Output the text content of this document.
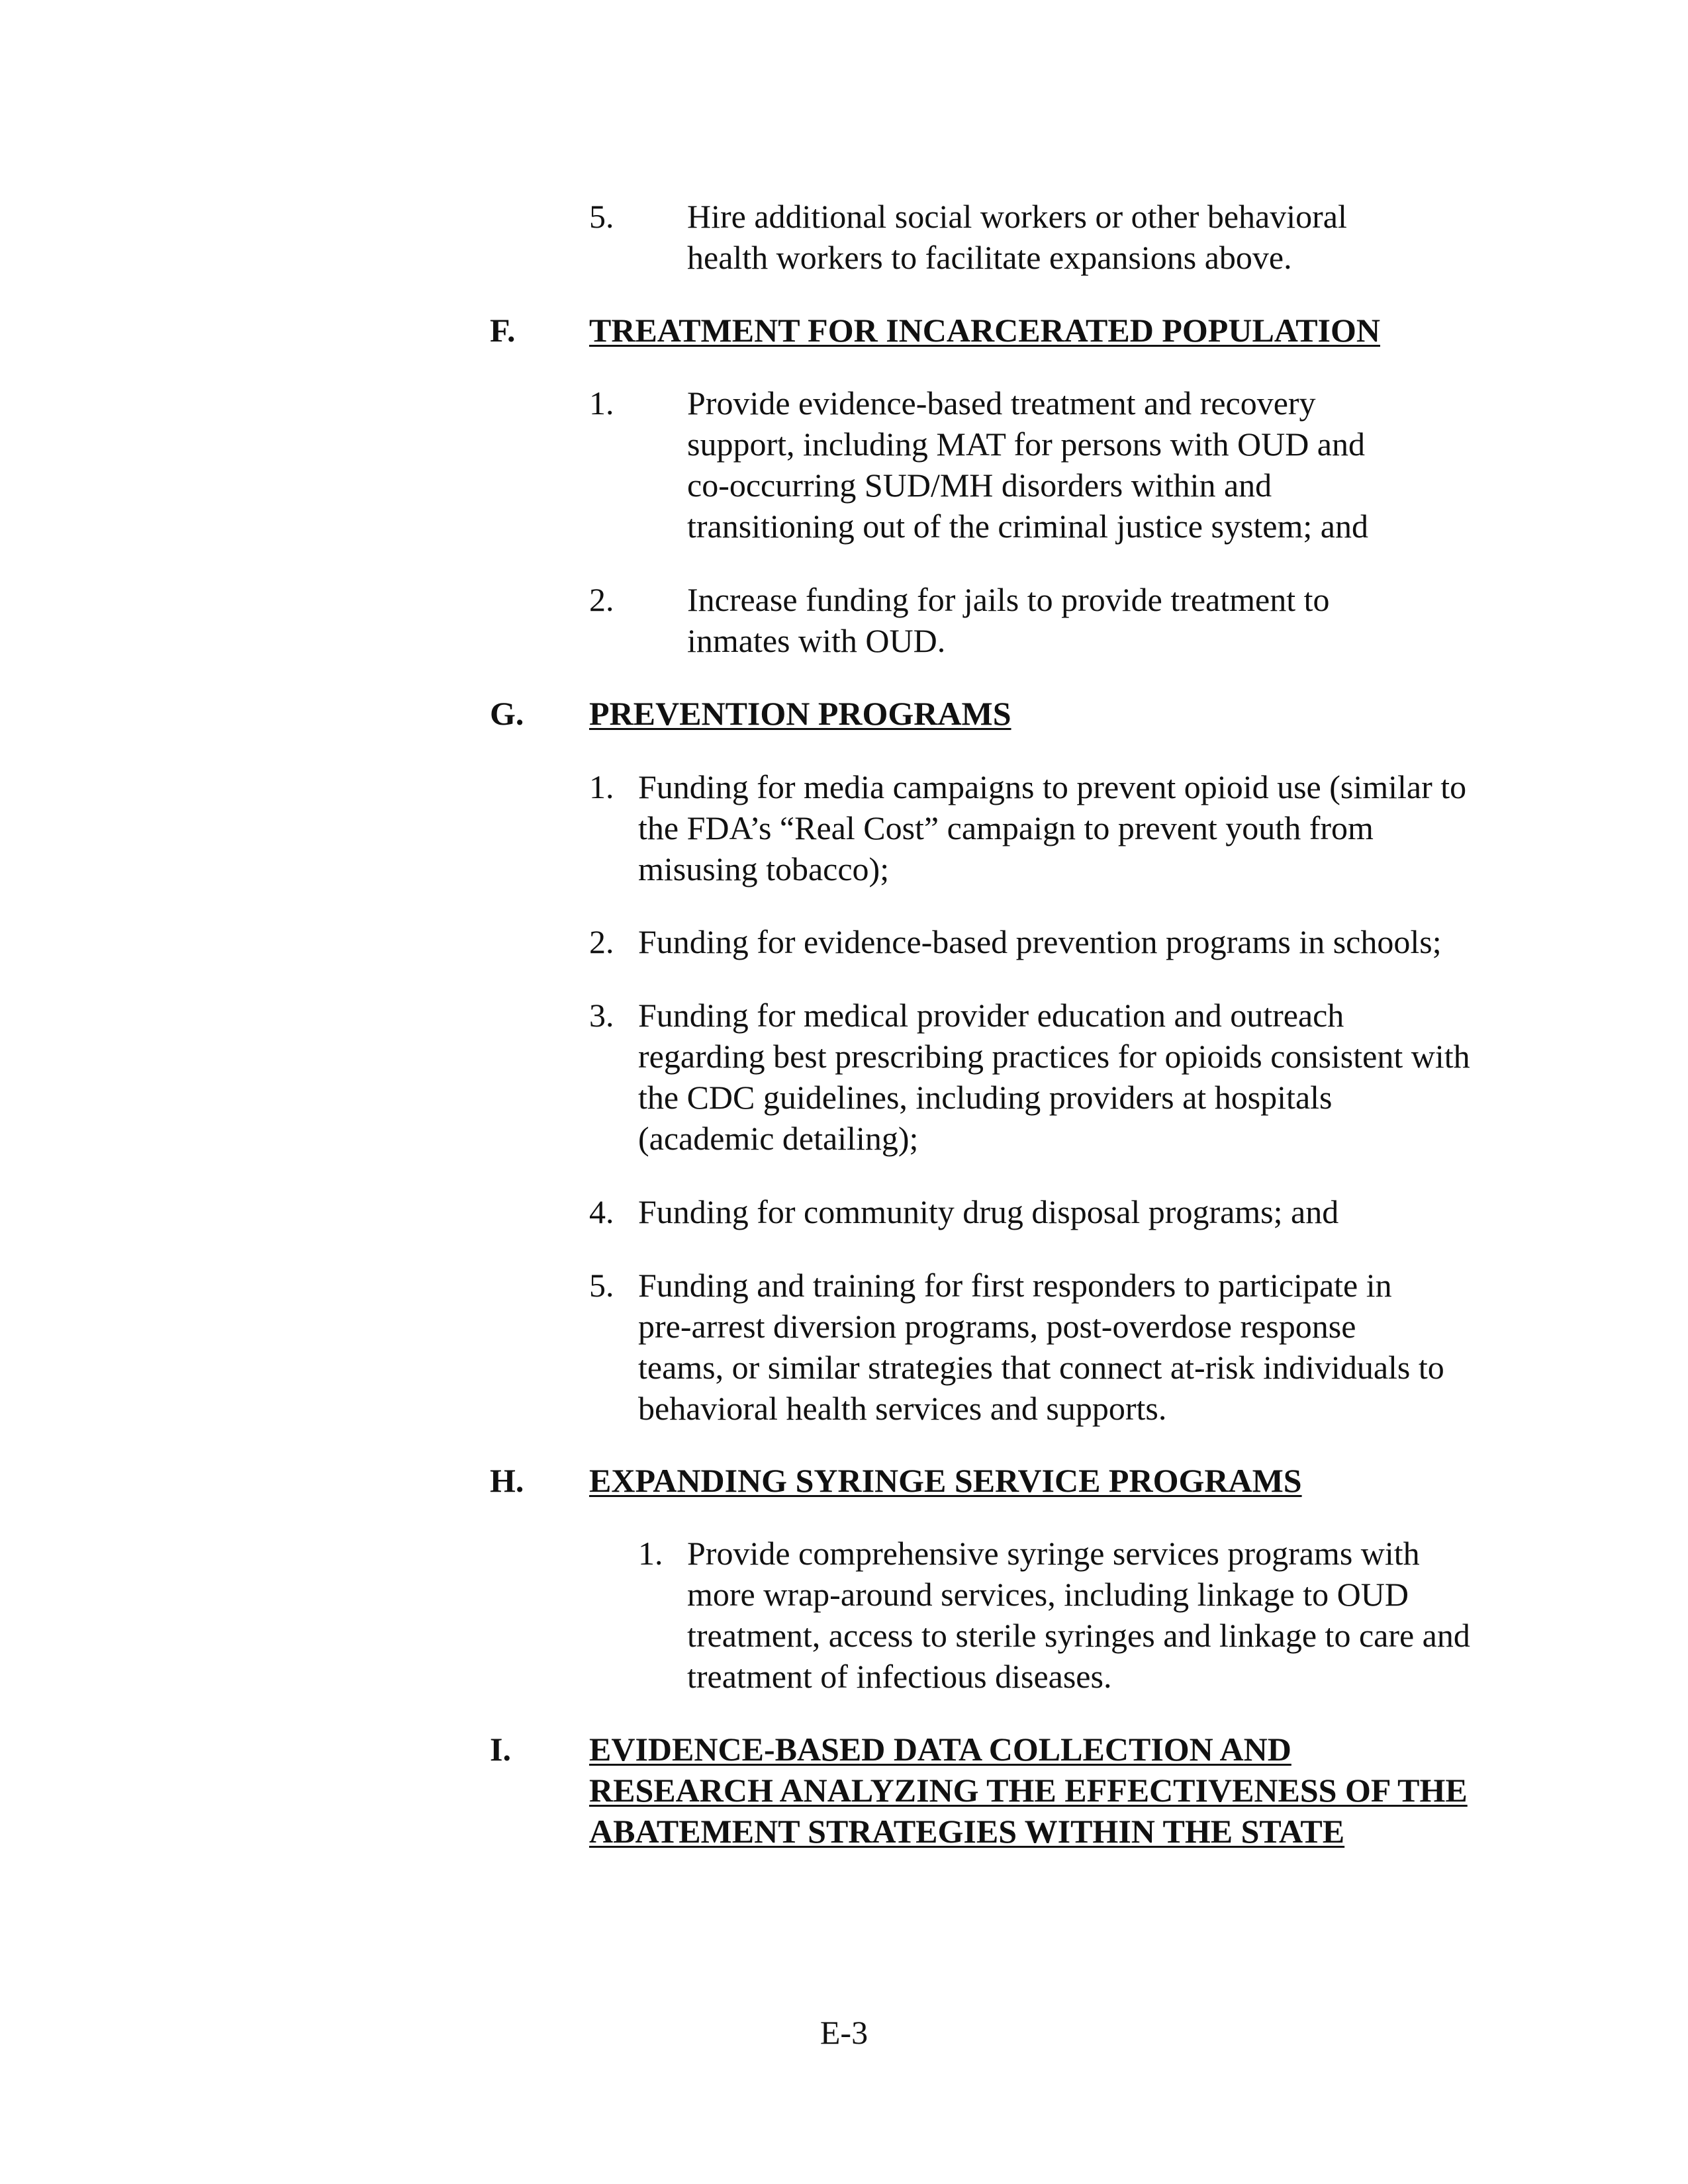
5. Hire additional social workers or other behavioral health workers to facilitate expansions above.
F. TREATMENT FOR INCARCERATED POPULATION
1. Provide evidence-based treatment and recovery support, including MAT for persons with OUD and co-occurring SUD/MH disorders within and transitioning out of the criminal justice system; and
2. Increase funding for jails to provide treatment to inmates with OUD.
G. PREVENTION PROGRAMS
1. Funding for media campaigns to prevent opioid use (similar to the FDA’s “Real Cost” campaign to prevent youth from misusing tobacco);
2. Funding for evidence-based prevention programs in schools;
3. Funding for medical provider education and outreach regarding best prescribing practices for opioids consistent with the CDC guidelines, including providers at hospitals (academic detailing);
4. Funding for community drug disposal programs; and
5. Funding and training for first responders to participate in pre-arrest diversion programs, post-overdose response teams, or similar strategies that connect at-risk individuals to behavioral health services and supports.
H. EXPANDING SYRINGE SERVICE PROGRAMS
1. Provide comprehensive syringe services programs with more wrap-around services, including linkage to OUD treatment, access to sterile syringes and linkage to care and treatment of infectious diseases.
I. EVIDENCE-BASED DATA COLLECTION AND RESEARCH ANALYZING THE EFFECTIVENESS OF THE ABATEMENT STRATEGIES WITHIN THE STATE
E-3
